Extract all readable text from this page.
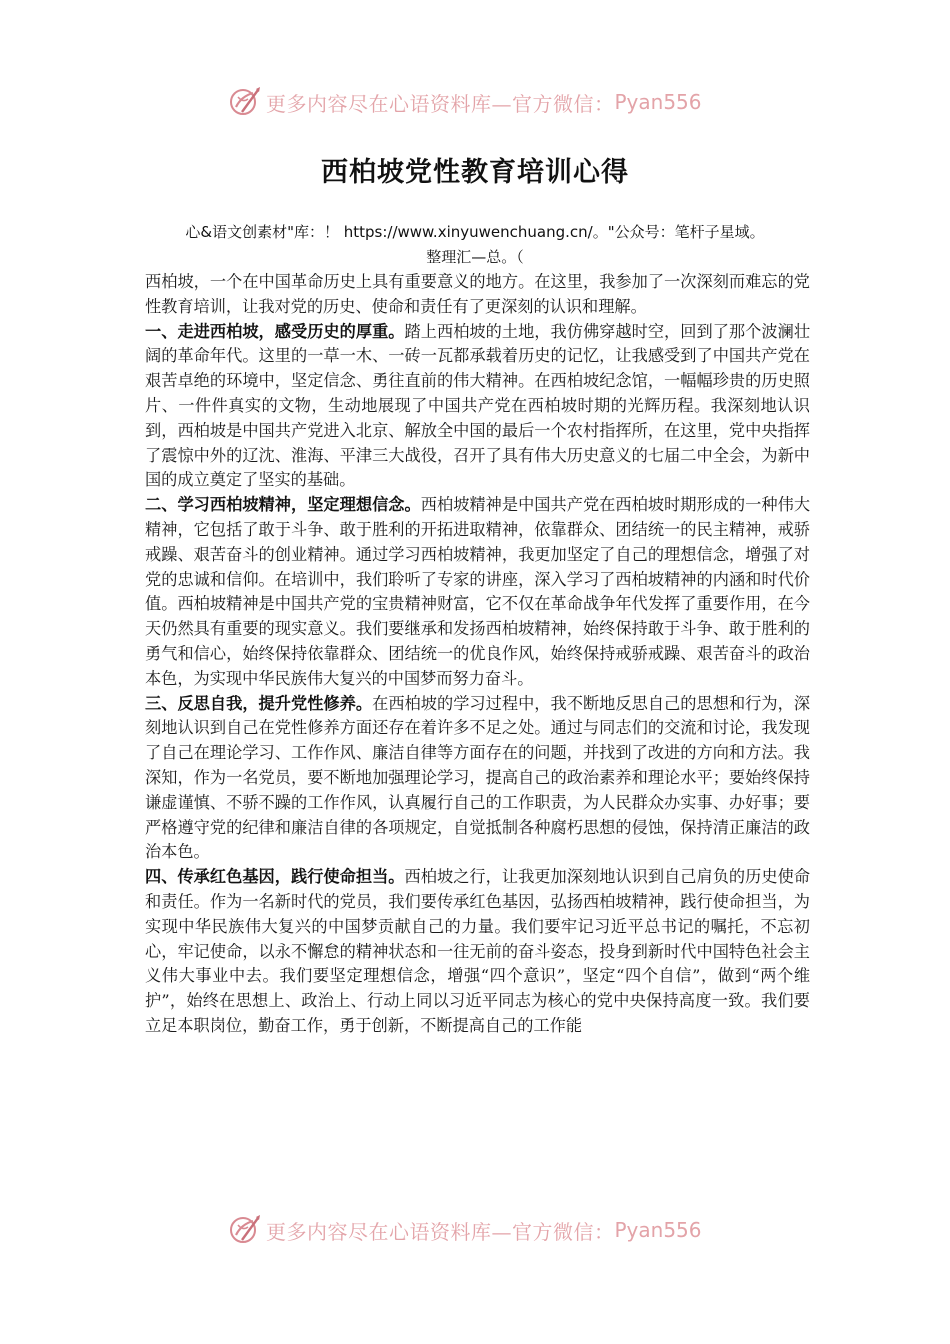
更多内容尽在心语资料库—官方微信： Pyan556
西柏坡党性教育培训心得
心&语文创素材"库：！ https://www.xinyuwenchuang.cn/。"公众号：笔杆子星域。
整理汇—总。（

西柏坡，一个在中国革命历史上具有重要意义的地方。在这里，我参加了一次深刻而难忘的党性教育培训，让我对党的历史、使命和责任有了更深刻的认识和理解。

一、走进西柏坡，感受历史的厚重。踏上西柏坡的土地，我仿佛穿越时空，回到了那个波澜壮阔的革命年代。这里的一草一木、一砖一瓦都承载着历史的记忆，让我感受到了中国共产党在艰苦卓绝的环境中，坚定信念、勇往直前的伟大精神。在西柏坡纪念馆，一幅幅珍贵的历史照片、一件件真实的文物，生动地展现了中国共产党在西柏坡时期的光辉历程。我深刻地认识到，西柏坡是中国共产党进入北京、解放全中国的最后一个农村指挥所，在这里，党中央指挥了震惊中外的辽沈、淮海、平津三大战役，召开了具有伟大历史意义的七届二中全会，为新中国的成立奠定了坚实的基础。

二、学习西柏坡精神，坚定理想信念。西柏坡精神是中国共产党在西柏坡时期形成的一种伟大精神，它包括了敢于斗争、敢于胜利的开拓进取精神，依靠群众、团结统一的民主精神，戒骄戒躁、艰苦奋斗的创业精神。通过学习西柏坡精神，我更加坚定了自己的理想信念，增强了对党的忠诚和信仰。在培训中，我们聆听了专家的讲座，深入学习了西柏坡精神的内涵和时代价值。西柏坡精神是中国共产党的宝贵精神财富，它不仅在革命战争年代发挥了重要作用，在今天仍然具有重要的现实意义。我们要继承和发扬西柏坡精神，始终保持敢于斗争、敢于胜利的勇气和信心，始终保持依靠群众、团结统一的优良作风，始终保持戒骄戒躁、艰苦奋斗的政治本色，为实现中华民族伟大复兴的中国梦而努力奋斗。

三、反思自我，提升党性修养。在西柏坡的学习过程中，我不断地反思自己的思想和行为，深刻地认识到自己在党性修养方面还存在着许多不足之处。通过与同志们的交流和讨论，我发现了自己在理论学习、工作作风、廉洁自律等方面存在的问题，并找到了改进的方向和方法。我深知，作为一名党员，要不断地加强理论学习，提高自己的政治素养和理论水平；要始终保持谦虚谨慎、不骄不躁的工作作风，认真履行自己的工作职责，为人民群众办实事、办好事；要严格遵守党的纪律和廉洁自律的各项规定，自觉抵制各种腐朽思想的侵蚀，保持清正廉洁的政治本色。

四、传承红色基因，践行使命担当。西柏坡之行，让我更加深刻地认识到自己肩负的历史使命和责任。作为一名新时代的党员，我们要传承红色基因，弘扬西柏坡精神，践行使命担当，为实现中华民族伟大复兴的中国梦贡献自己的力量。我们要牢记习近平总书记的嘱托，不忘初心，牢记使命，以永不懈怠的精神状态和一往无前的奋斗姿态，投身到新时代中国特色社会主义伟大事业中去。我们要坚定理想信念，增强“四个意识”，坚定“四个自信”，做到“两个维护”，始终在思想上、政治上、行动上同以习近平同志为核心的党中央保持高度一致。我们要立足本职岗位，勤奋工作，勇于创新，不断提高自己的工作能

更多内容尽在心语资料库—官方微信： Pyan556
